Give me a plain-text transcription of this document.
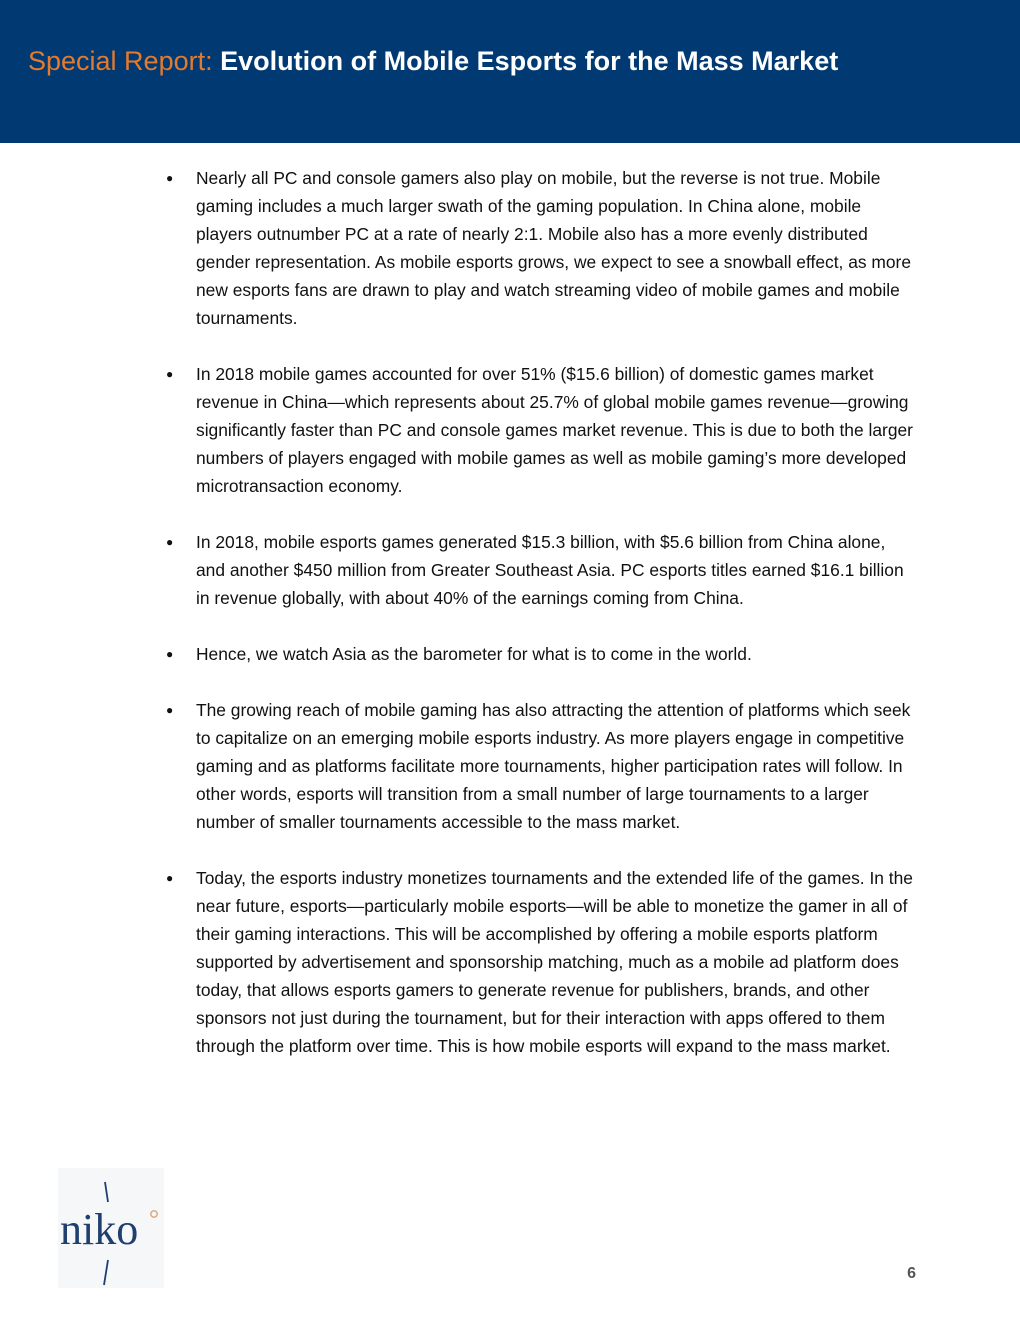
Special Report: Evolution of Mobile Esports for the Mass Market
●	Nearly all PC and console gamers also play on mobile, but the reverse is not true. Mobile gaming includes a much larger swath of the gaming population. In China alone, mobile players outnumber PC at a rate of nearly 2:1. Mobile also has a more evenly distributed gender representation. As mobile esports grows, we expect to see a snowball effect, as more new esports fans are drawn to play and watch streaming video of mobile games and mobile tournaments.
●	In 2018 mobile games accounted for over 51% ($15.6 billion) of domestic games market revenue in China—which represents about 25.7% of global mobile games revenue—growing significantly faster than PC and console games market revenue. This is due to both the larger numbers of players engaged with mobile games as well as mobile gaming’s more developed microtransaction economy.
●	In 2018, mobile esports games generated $15.3 billion, with $5.6 billion from China alone, and another $450 million from Greater Southeast Asia. PC esports titles earned $16.1 billion in revenue globally, with about 40% of the earnings coming from China.
●	Hence, we watch Asia as the barometer for what is to come in the world.
●	The growing reach of mobile gaming has also attracting the attention of platforms which seek to capitalize on an emerging mobile esports industry. As more players engage in competitive gaming and as platforms facilitate more tournaments, higher participation rates will follow. In other words, esports will transition from a small number of large tournaments to a larger number of smaller tournaments accessible to the mass market.
●	Today, the esports industry monetizes tournaments and the extended life of the games. In the near future, esports—particularly mobile esports—will be able to monetize the gamer in all of their gaming interactions. This will be accomplished by offering a mobile esports platform supported by advertisement and sponsorship matching, much as a mobile ad platform does today, that allows esports gamers to generate revenue for publishers, brands, and other sponsors not just during the tournament, but for their interaction with apps offered to them through the platform over time. This is how mobile esports will expand to the mass market.
niko
6
